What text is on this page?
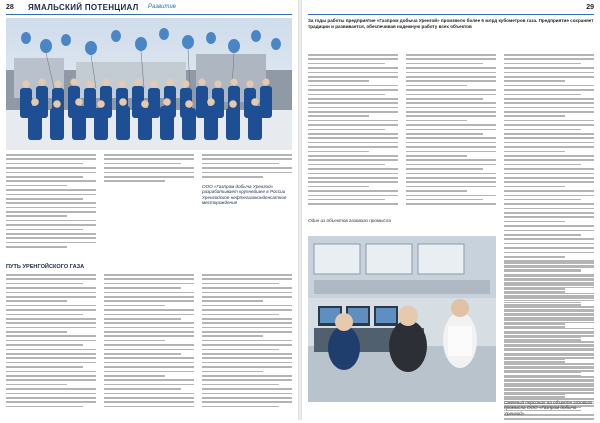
28 ЯМАЛЬСКИЙ ПОТЕНЦИАЛ Развитие
ООО «Газпром добыча Уренгой» разрабатывает крупнейшее в России Уренгойское нефтегазоконденсатное месторождение
ПУТЬ УРЕНГОЙСКОГО ГАЗА
29
За годы работы предприятие «Газпром добыча Уренгой» произвело более 6 млрд кубометров газа. Предприятие сохраняет традиции и развивается, обеспечивая надежную работу всех объектов
Один из объектов газового промысла
Сменный персонал на объекте газового промысла ООО «Газпром добыча Уренгой»
